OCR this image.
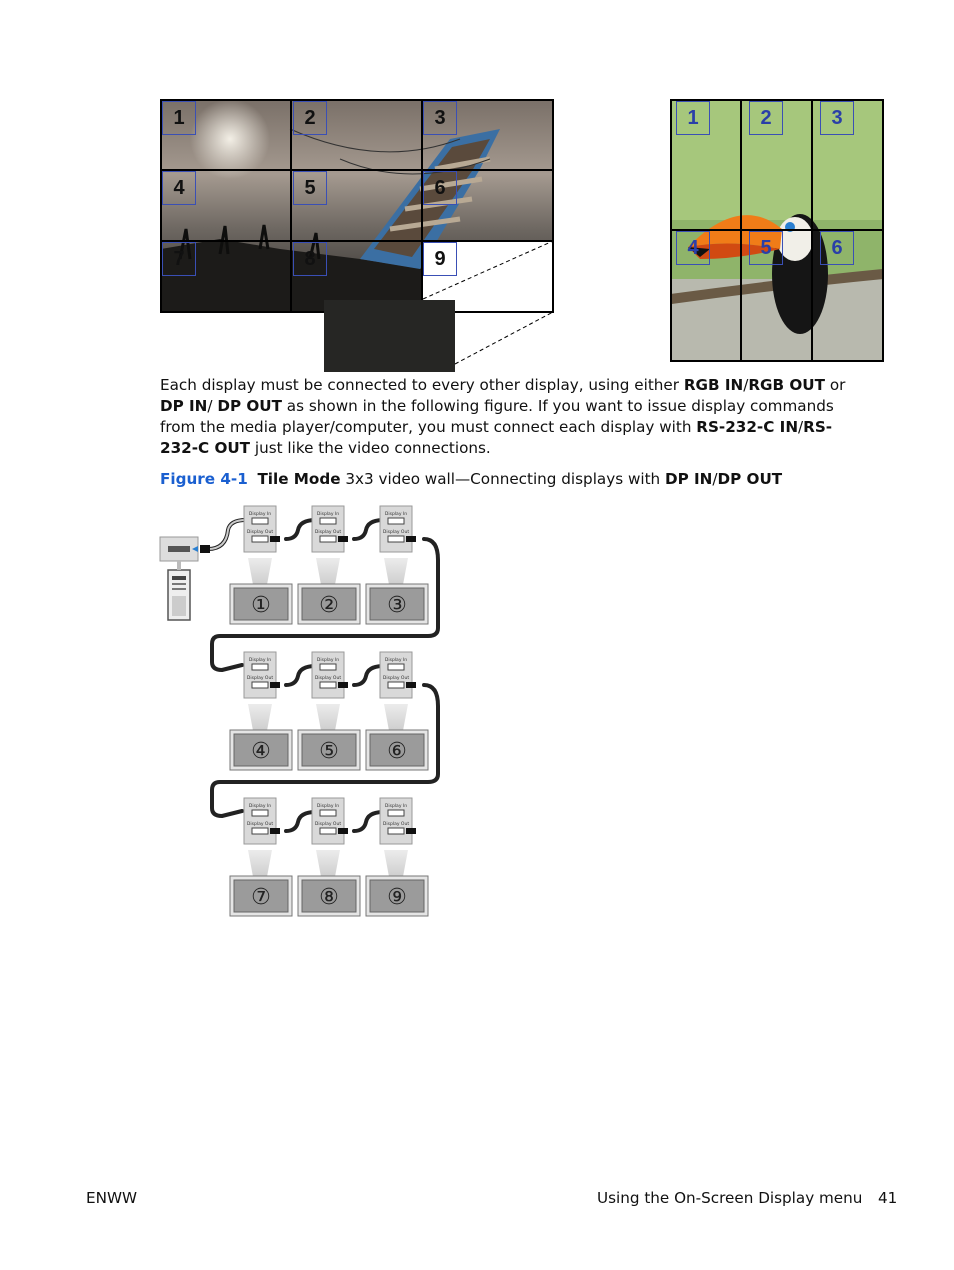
1	2	3
4	5	6
7	8	9
1	2	3
4	5	6

Each display must be connected to every other display, using either RGB IN/RGB OUT or DP IN/ DP OUT as shown in the following figure. If you want to issue display commands from the media player/computer, you must connect each display with RS-232-C IN/RS-232-C OUT just like the video connections.

Figure 4-1 Tile Mode 3x3 video wall—Connecting displays with DP IN/DP OUT
Display In
Display Out
①
Display In
Display Out
②
Display In
Display Out
③
Display In
Display Out
④
Display In
Display Out
⑤
Display In
Display Out
⑥
Display In
Display Out
⑦
Display In
Display Out
⑧
Display In
Display Out
⑨
ENWW	Using the On-Screen Display menu 41
